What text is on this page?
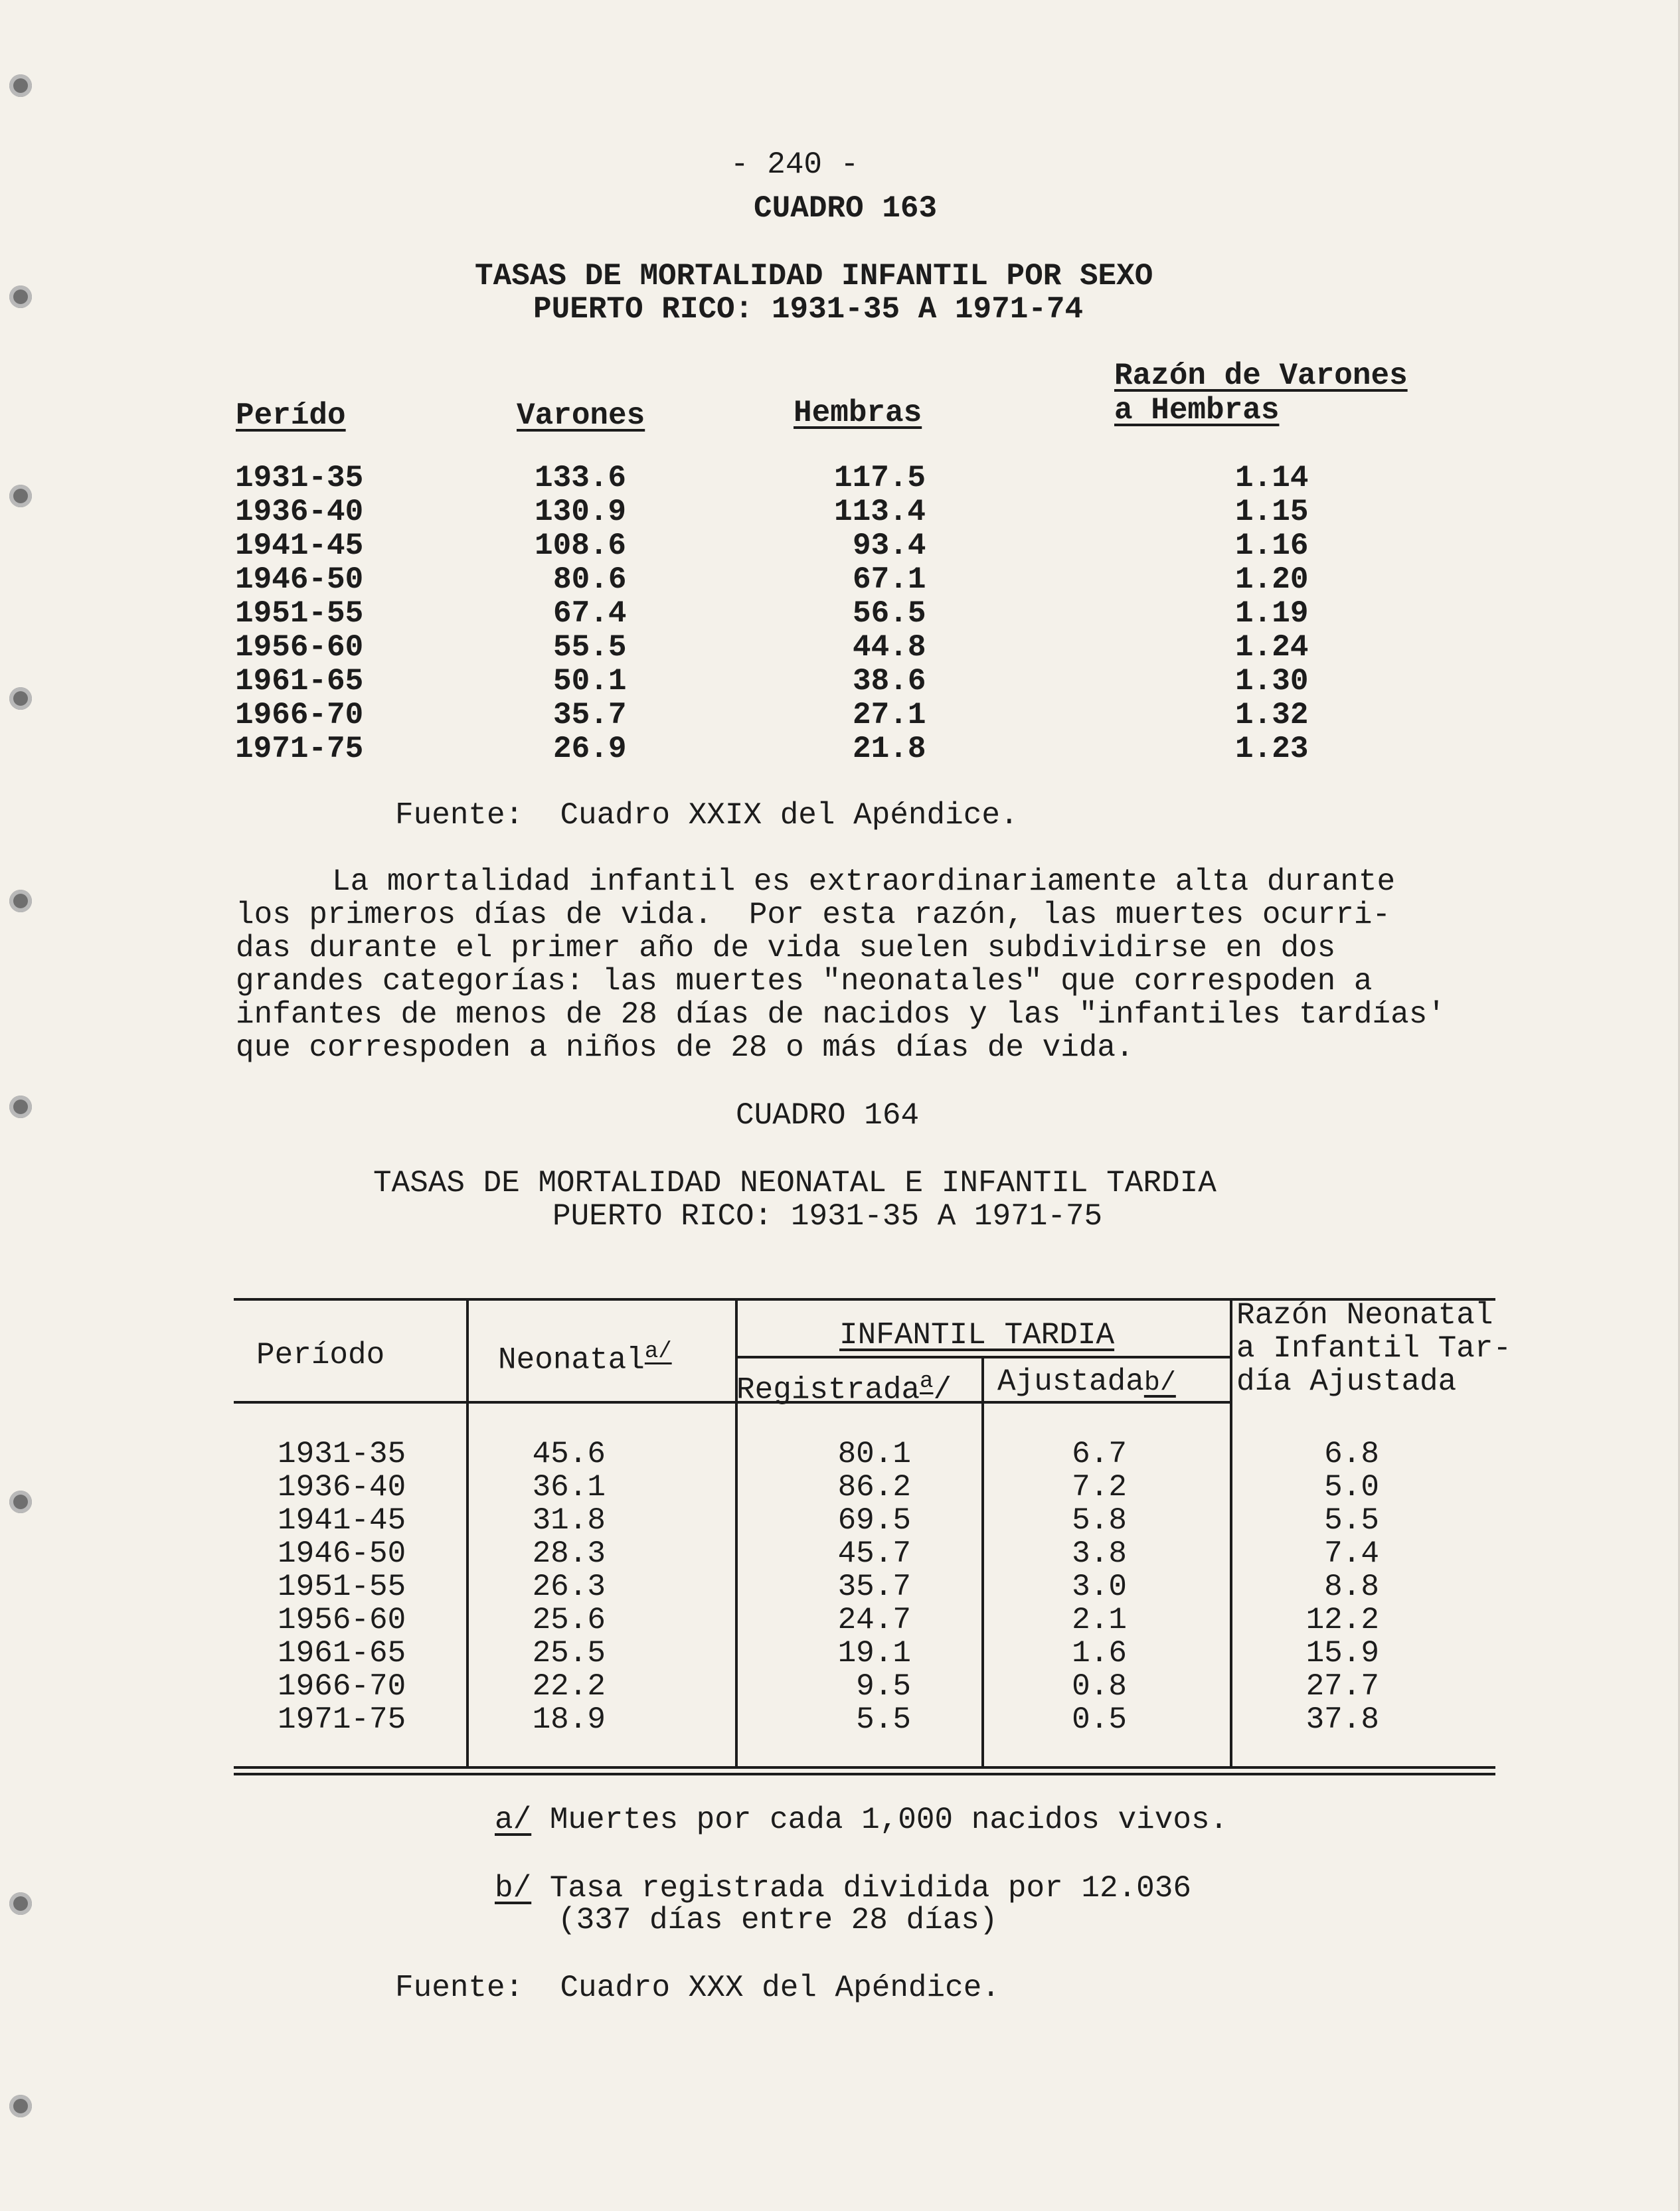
- 240 -
CUADRO 163
TASAS DE MORTALIDAD INFANTIL POR SEXO
PUERTO RICO: 1931-35 A 1971-74
Razón de Varones
a Hembras
Perído	Varones	Hembras
1931-35	133.6	117.5	1.14
1936-40	130.9	113.4	1.15
1941-45	108.6	93.4	1.16
1946-50	80.6	67.1	1.20
1951-55	67.4	56.5	1.19
1956-60	55.5	44.8	1.24
1961-65	50.1	38.6	1.30
1966-70	35.7	27.1	1.32
1971-75	26.9	21.8	1.23
Fuente:  Cuadro XXIX del Apéndice.
La mortalidad infantil es extraordinariamente alta durante
los primeros días de vida.  Por esta razón, las muertes ocurri-
das durante el primer año de vida suelen subdividirse en dos
grandes categorías: las muertes "neonatales" que correspoden a
infantes de menos de 28 días de nacidos y las "infantiles tardías'
que correspoden a niños de 28 o más días de vida.
CUADRO 164
TASAS DE MORTALIDAD NEONATAL E INFANTIL TARDIA
PUERTO RICO: 1931-35 A 1971-75
Período	Neonatal$^{a/}$	INFANTIL TARDIA
Registrada$^a$/ Ajustadab/
Razón Neonatal
a Infantil Tar-
día Ajustada
1931-35	45.6	80.1	6.7	6.8
1936-40	36.1	86.2	7.2	5.0
1941-45	31.8	69.5	5.8	5.5
1946-50	28.3	45.7	3.8	7.4
1951-55	26.3	35.7	3.0	8.8
1956-60	25.6	24.7	2.1	12.2
1961-65	25.5	19.1	1.6	15.9
1966-70	22.2	9.5	0.8	27.7
1971-75	18.9	5.5	0.5	37.8
a/ Muertes por cada 1,000 nacidos vivos.
b/ Tasa registrada dividida por 12.036
(337 días entre 28 días)
Fuente:  Cuadro XXX del Apéndice.
